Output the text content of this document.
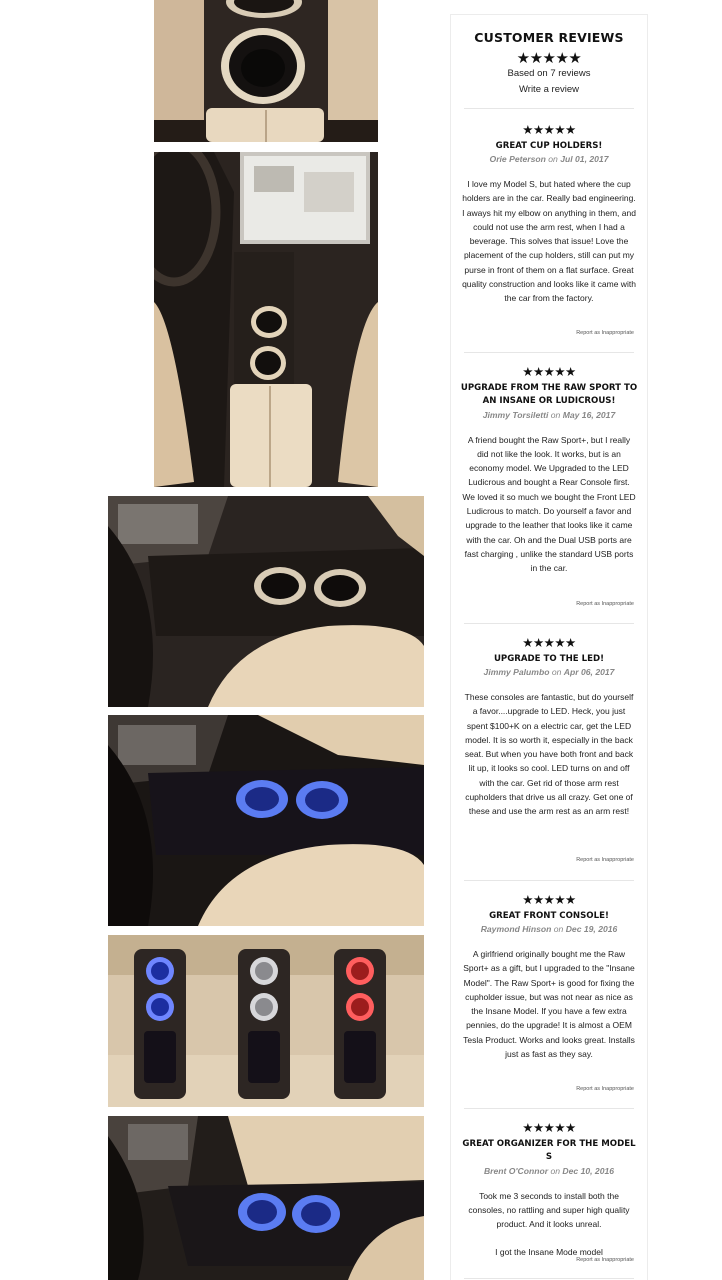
CUSTOMER REVIEWS
★★★★★
Based on 7 reviews
Write a review
★★★★★
GREAT CUP HOLDERS!
Orie Peterson on Jul 01, 2017

I love my Model S, but hated where the cup holders are in the car. Really bad engineering. I aways hit my elbow on anything in them, and could not use the arm rest, when I had a beverage. This solves that issue! Love the placement of the cup holders, still can put my purse in front of them on a flat surface. Great quality construction and looks like it came with the car from the factory.

Report as Inappropriate
★★★★★
UPGRADE FROM THE RAW SPORT TO AN INSANE OR LUDICROUS!
Jimmy Torsiletti on May 16, 2017

A friend bought the Raw Sport+, but I really did not like the look. It works, but is an economy model. We Upgraded to the LED Ludicrous and bought a Rear Console first. We loved it so much we bought the Front LED Ludicrous to match. Do yourself a favor and upgrade to the leather that looks like it came with the car. Oh and the Dual USB ports are fast charging , unlike the standard USB ports in the car.

Report as Inappropriate
★★★★★
UPGRADE TO THE LED!
Jimmy Palumbo on Apr 06, 2017

These consoles are fantastic, but do yourself a favor....upgrade to LED. Heck, you just spent $100+K on a electric car, get the LED model. It is so worth it, especially in the back seat. But when you have both front and back lit up, it looks so cool. LED turns on and off with the car. Get rid of those arm rest cupholders that drive us all crazy. Get one of these and use the arm rest as an arm rest!

Report as Inappropriate
★★★★★
GREAT FRONT CONSOLE!
Raymond Hinson on Dec 19, 2016

A girlfriend originally bought me the Raw Sport+ as a gift, but I upgraded to the "Insane Model". The Raw Sport+ is good for fixing the cupholder issue, but was not near as nice as the Insane Model. If you have a few extra pennies, do the upgrade! It is almost a OEM Tesla Product. Works and looks great. Installs just as fast as they say.

Report as Inappropriate
★★★★★
GREAT ORGANIZER FOR THE MODEL S
Brent O'Connor on Dec 10, 2016

Took me 3 seconds to install both the consoles, no rattling and super high quality product. And it looks unreal.

I got the Insane Mode model

Report as Inappropriate
